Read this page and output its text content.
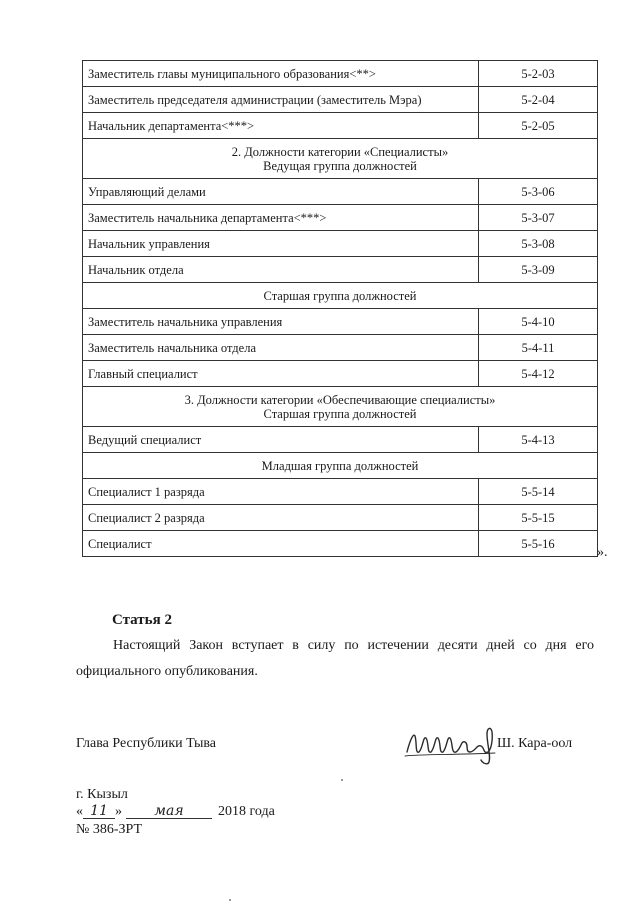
Заместитель главы муниципального образования<**>	5-2-03
Заместитель председателя администрации (заместитель Мэра)	5-2-04
Начальник департамента<***>	5-2-05

2. Должности категории «Специалисты»
Ведущая группа должностей	

Управляющий делами	5-3-06
Заместитель начальника департамента<***>	5-3-07
Начальник управления	5-3-08
Начальник отдела	5-3-09
Старшая группа должностей	
Заместитель начальника управления	5-4-10
Заместитель начальника отдела	5-4-11
Главный специалист	5-4-12

3. Должности категории «Обеспечивающие специалисты»
Старшая группа должностей	

Ведущий специалист	5-4-13
Младшая группа должностей	
Специалист 1 разряда	5-5-14
Специалист 2 разряда	5-5-15
Специалист	5-5-16
».
Статья 2
Настоящий Закон вступает в силу по истечении десяти дней со дня его официального опубликования.
Глава Республики Тыва	Ш. Кара-оол
г. Кызыл
« 11 » мая 2018 года
№ 386-ЗРТ
